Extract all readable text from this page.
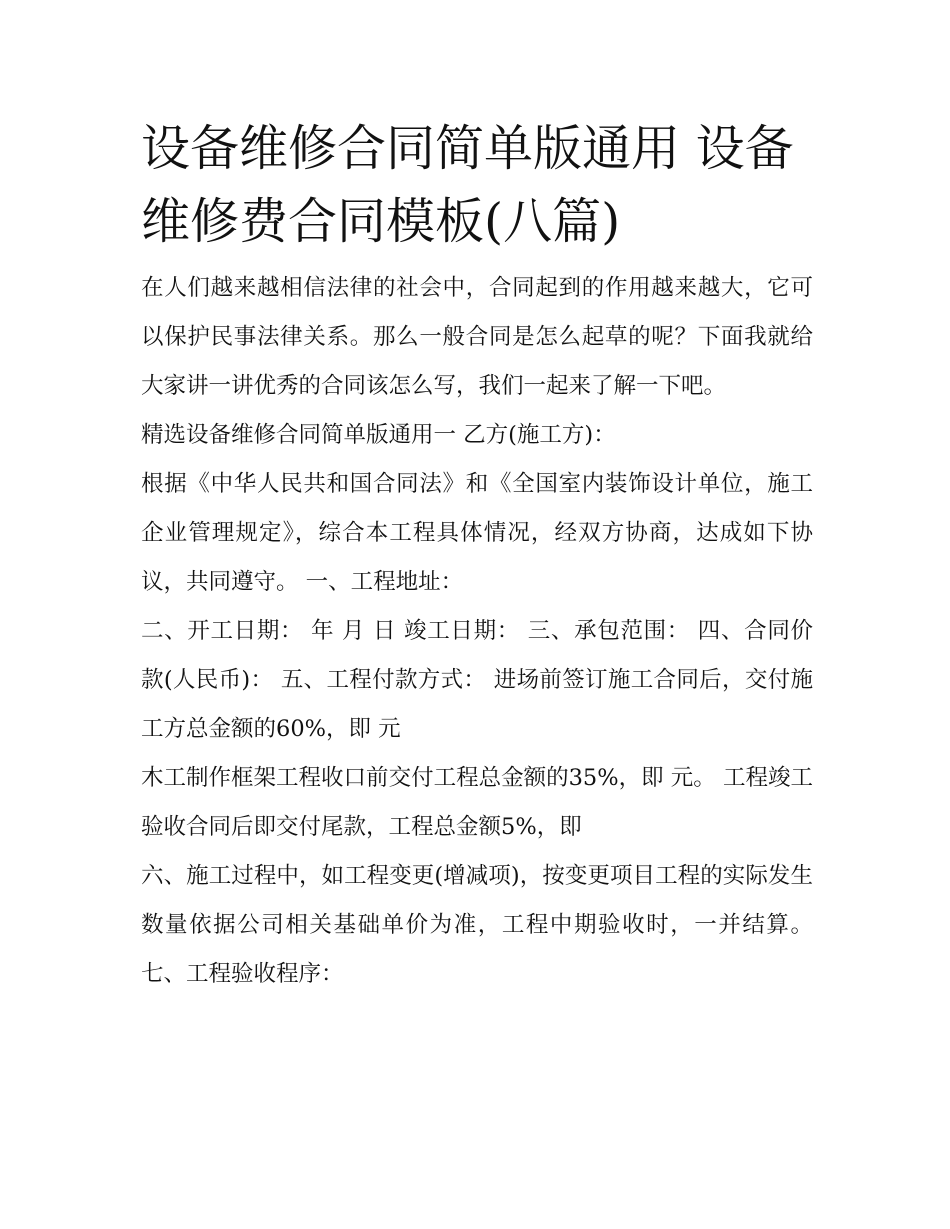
设备维修合同简单版通用 设备维修费合同模板(八篇)

在人们越来越相信法律的社会中，合同起到的作用越来越大，它可以保护民事法律关系。那么一般合同是怎么起草的呢？下面我就给大家讲一讲优秀的合同该怎么写，我们一起来了解一下吧。

精选设备维修合同简单版通用一 乙方(施工方)：

根据《中华人民共和国合同法》和《全国室内装饰设计单位，施工企业管理规定》，综合本工程具体情况，经双方协商，达成如下协议，共同遵守。 一、工程地址：

二、开工日期： 年 月 日 竣工日期： 三、承包范围： 四、合同价款(人民币)： 五、工程付款方式： 进场前签订施工合同后，交付施工方总金额的60%，即 元

木工制作框架工程收口前交付工程总金额的35%，即 元。 工程竣工验收合同后即交付尾款，工程总金额5%，即

六、施工过程中，如工程变更(增减项)，按变更项目工程的实际发生数量依据公司相关基础单价为准，工程中期验收时，一并结算。 七、工程验收程序：
